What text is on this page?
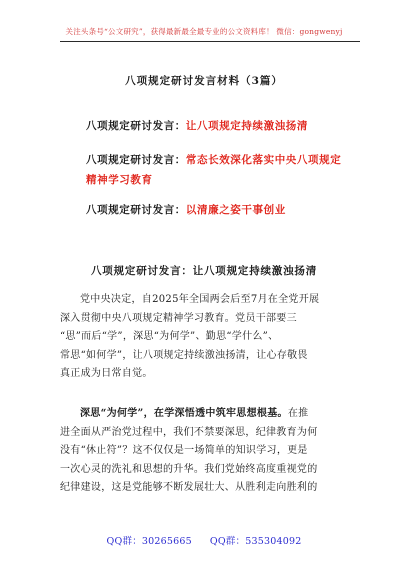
关注头条号“公文研究”，获得最新最全最专业的公文资料库！ 微信：gongwenyj
八项规定研讨发言材料（3篇）
八项规定研讨发言：让八项规定持续激浊扬清
八项规定研讨发言：常态长效深化落实中央八项规定
精神学习教育
八项规定研讨发言：以清廉之姿干事创业
八项规定研讨发言：让八项规定持续激浊扬清
党中央决定，自2025年全国两会后至7月在全党开展
深入贯彻中央八项规定精神学习教育。党员干部要三
“思”而后“学”，深思“为何学”、勤思“学什么”、
常思“如何学”，让八项规定持续激浊扬清，让心存敬畏
真正成为日常自觉。
深思“为何学”，在学深悟透中筑牢思想根基。在推
进全面从严治党过程中，我们不禁要深思，纪律教育为何
没有“休止符”？这不仅仅是一场简单的知识学习，更是
一次心灵的洗礼和思想的升华。我们党始终高度重视党的
纪律建设，这是党能够不断发展壮大、从胜利走向胜利的
QQ群：30265665 QQ群：535304092
